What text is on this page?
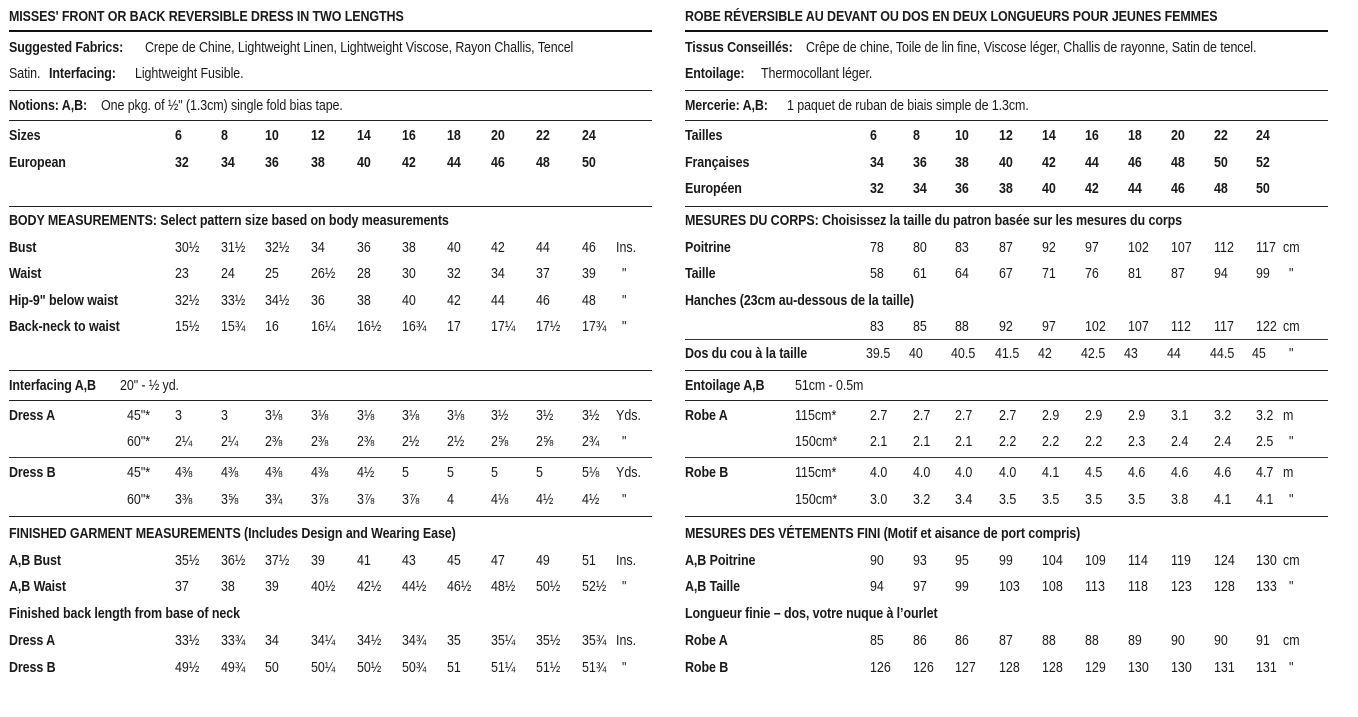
MISSES' FRONT OR BACK REVERSIBLE DRESS IN TWO LENGTHS
Suggested Fabrics: Crepe de Chine, Lightweight Linen, Lightweight Viscose, Rayon Challis, Tencel
Satin. Interfacing: Lightweight Fusible.
Notions: A,B: One pkg. of ½" (1.3cm) single fold bias tape.
Sizes	6	8	10 12 14 16 18 20 22 24
European	32 34 36 38 40 42 44 46 48 50
BODY MEASUREMENTS: Select pattern size based on body measurements
Bust	30½ 31½ 32½ 34 36 38 40 42 44 46 Ins.
Waist	23 24 25 26½ 28 30 32 34 37 39 "
Hip-9" below waist	32½ 33½ 34½ 36 38 40 42 44 46 48 "
Back-neck to waist	15½ 15¾ 16 16¼ 16½ 16¾ 17 17¼ 17½ 17¾ "
Interfacing A,B 20" - ½ yd.
Dress A	45"* 3	3	3⅛ 3⅛ 3⅛ 3⅛ 3⅛ 3½ 3½ 3½ Yds.
60"* 2¼ 2¼ 2⅜ 2⅜ 2⅜ 2½ 2½ 2⅝ 2⅝ 2¾ "
Dress B	45"* 4⅜ 4⅜ 4⅜ 4⅜ 4½ 5	5	5	5	5⅛ Yds.
60"* 3⅜ 3⅝ 3¾ 3⅞ 3⅞ 3⅞ 4	4⅛ 4½ 4½ "
FINISHED GARMENT MEASUREMENTS (Includes Design and Wearing Ease)
A,B Bust	35½ 36½ 37½ 39 41 43 45 47 49 51 Ins.
A,B Waist	37 38 39 40½ 42½ 44½ 46½ 48½ 50½ 52½ "
Finished back length from base of neck
Dress A	33½ 33¾ 34 34¼ 34½ 34¾ 35 35¼ 35½ 35¾ Ins.
Dress B	49½ 49¾ 50 50¼ 50½ 50¾ 51 51¼ 51½ 51¾ "
ROBE RÉVERSIBLE AU DEVANT OU DOS EN DEUX LONGUEURS POUR JEUNES FEMMES
Tissus Conseillés: Crêpe de chine, Toile de lin fine, Viscose léger, Challis de rayonne, Satin de tencel.
Entoilage: Thermocollant léger.
Mercerie: A,B: 1 paquet de ruban de biais simple de 1.3cm.
Tailles	6 8 10 12 14 16 18 20 22 24
Françaises	34 36 38 40 42 44 46 48 50 52
Européen	32 34 36 38 40 42 44 46 48 50
MESURES DU CORPS: Choisissez la taille du patron basée sur les mesures du corps
Poitrine	78 80 83 87 92 97 102 107 112 117 cm
Taille	58 61 64 67 71 76 81 87 94 99 "
Hanches (23cm au-dessous de la taille)
83 85 88 92 97 102 107 112 117 122 cm
Dos du cou à la taille	39.5 40 40.5 41.5 42 42.5 43 44 44.5 45 "
Entoilage A,B 51cm - 0.5m
Robe A	115cm* 2.7 2.7 2.7 2.7 2.9 2.9 2.9 3.1 3.2 3.2 m
150cm* 2.1 2.1 2.1 2.2 2.2 2.2 2.3 2.4 2.4 2.5 "
Robe B	115cm* 4.0 4.0 4.0 4.0 4.1 4.5 4.6 4.6 4.6 4.7 m
150cm* 3.0 3.2 3.4 3.5 3.5 3.5 3.5 3.8 4.1 4.1 "
MESURES DES VÉTEMENTS FINI (Motif et aisance de port compris)
A,B Poitrine	90 93 95 99 104 109 114 119 124 130 cm
A,B Taille	94 97 99 103 108 113 118 123 128 133 "
Longueur finie – dos, votre nuque à l’ourlet
Robe A	85 86 86 87 88 88 89 90 90 91 cm
Robe B	126 126 127 128 128 129 130 130 131 131 "
